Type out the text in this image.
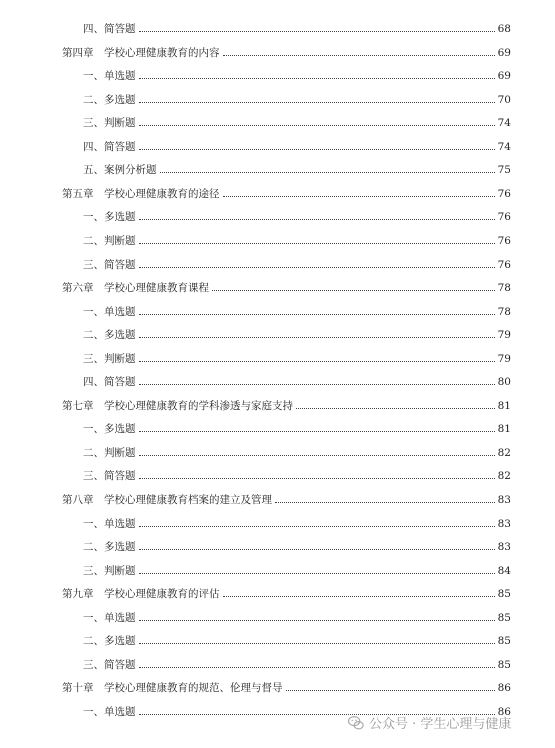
四、简答题	68
第四章　学校心理健康教育的内容	69
一、单选题	69
二、多选题	70
三、判断题	74
四、简答题	74
五、案例分析题	75
第五章　学校心理健康教育的途径	76
一、多选题	76
二、判断题	76
三、简答题	76
第六章　学校心理健康教育课程	78
一、单选题	78
二、多选题	79
三、判断题	79
四、简答题	80
第七章　学校心理健康教育的学科渗透与家庭支持	81
一、多选题	81
二、判断题	82
三、简答题	82
第八章　学校心理健康教育档案的建立及管理	83
一、单选题	83
二、多选题	83
三、判断题	84
第九章　学校心理健康教育的评估	85
一、单选题	85
二、多选题	85
三、简答题	85
第十章　学校心理健康教育的规范、伦理与督导	86
一、单选题	86
公众号 · 学生心理与健康
